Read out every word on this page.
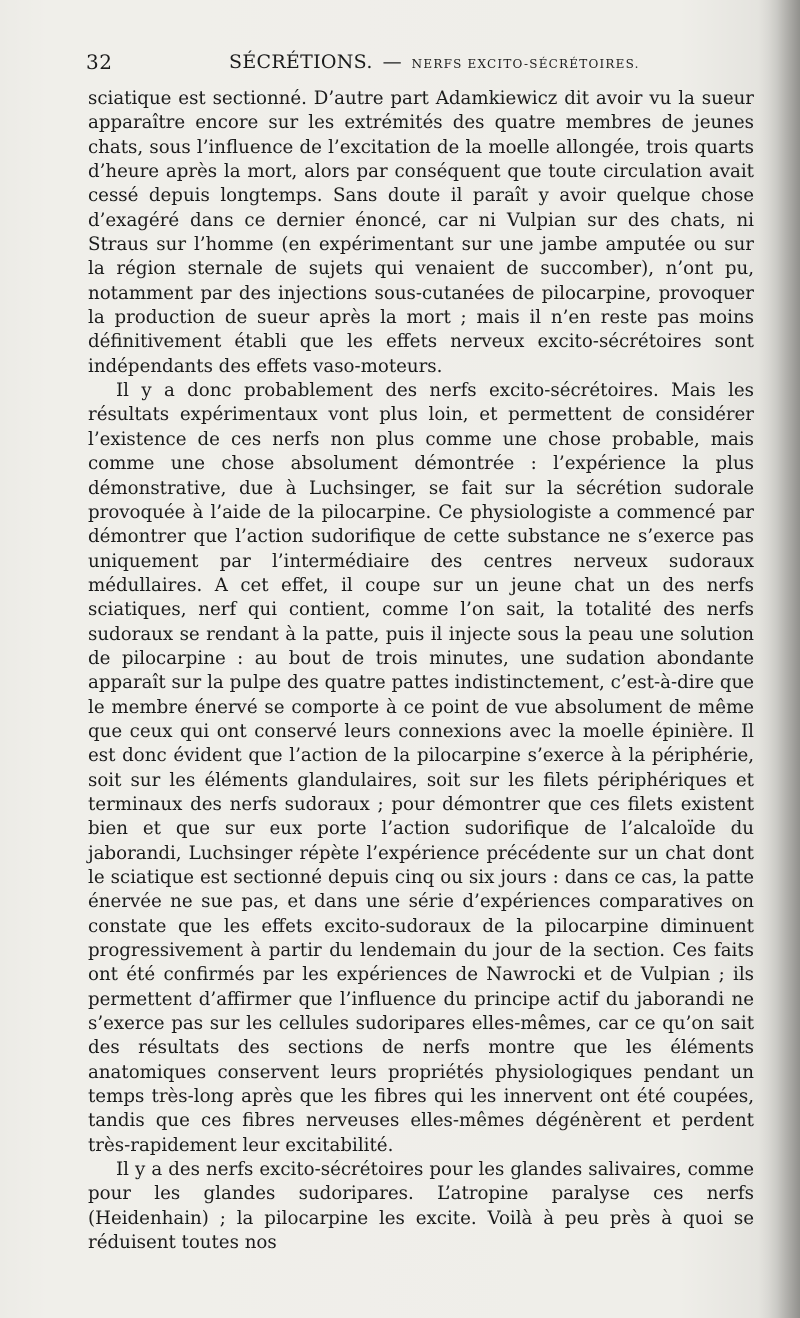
32	SÉCRÉTIONS. — NERFS EXCITO-SÉCRÉTOIRES.

sciatique est sectionné. D’autre part Adamkiewicz dit avoir vu la sueur apparaître encore sur les extrémités des quatre membres de jeunes chats, sous l’influence de l’excitation de la moelle allongée, trois quarts d’heure après la mort, alors par conséquent que toute circulation avait cessé depuis longtemps. Sans doute il paraît y avoir quelque chose d’exagéré dans ce dernier énoncé, car ni Vulpian sur des chats, ni Straus sur l’homme (en expérimentant sur une jambe amputée ou sur la région sternale de sujets qui venaient de succomber), n’ont pu, notamment par des injections sous-cutanées de pilocarpine, provoquer la production de sueur après la mort ; mais il n’en reste pas moins définitivement établi que les effets nerveux excito-sécrétoires sont indépendants des effets vaso-moteurs.

Il y a donc probablement des nerfs excito-sécrétoires. Mais les résultats expérimentaux vont plus loin, et permettent de considérer l’existence de ces nerfs non plus comme une chose probable, mais comme une chose absolument démontrée : l’expérience la plus démonstrative, due à Luchsinger, se fait sur la sécrétion sudorale provoquée à l’aide de la pilocarpine. Ce physiologiste a commencé par démontrer que l’action sudorifique de cette substance ne s’exerce pas uniquement par l’intermédiaire des centres nerveux sudoraux médullaires. A cet effet, il coupe sur un jeune chat un des nerfs sciatiques, nerf qui contient, comme l’on sait, la totalité des nerfs sudoraux se rendant à la patte, puis il injecte sous la peau une solution de pilocarpine : au bout de trois minutes, une sudation abondante apparaît sur la pulpe des quatre pattes indistinctement, c’est-à-dire que le membre énervé se comporte à ce point de vue absolument de même que ceux qui ont conservé leurs connexions avec la moelle épinière. Il est donc évident que l’action de la pilocarpine s’exerce à la périphérie, soit sur les éléments glandulaires, soit sur les filets périphériques et terminaux des nerfs sudoraux ; pour démontrer que ces filets existent bien et que sur eux porte l’action sudorifique de l’alcaloïde du jaborandi, Luchsinger répète l’expérience précédente sur un chat dont le sciatique est sectionné depuis cinq ou six jours : dans ce cas, la patte énervée ne sue pas, et dans une série d’expériences comparatives on constate que les effets excito-sudoraux de la pilocarpine diminuent progressivement à partir du lendemain du jour de la section. Ces faits ont été confirmés par les expériences de Nawrocki et de Vulpian ; ils permettent d’affirmer que l’influence du principe actif du jaborandi ne s’exerce pas sur les cellules sudoripares elles-mêmes, car ce qu’on sait des résultats des sections de nerfs montre que les éléments anatomiques conservent leurs propriétés physiologiques pendant un temps très-long après que les fibres qui les innervent ont été coupées, tandis que ces fibres nerveuses elles-mêmes dégénèrent et perdent très-rapidement leur excitabilité.

Il y a des nerfs excito-sécrétoires pour les glandes salivaires, comme pour les glandes sudoripares. L’atropine paralyse ces nerfs (Heidenhain) ; la pilocarpine les excite. Voilà à peu près à quoi se réduisent toutes nos
